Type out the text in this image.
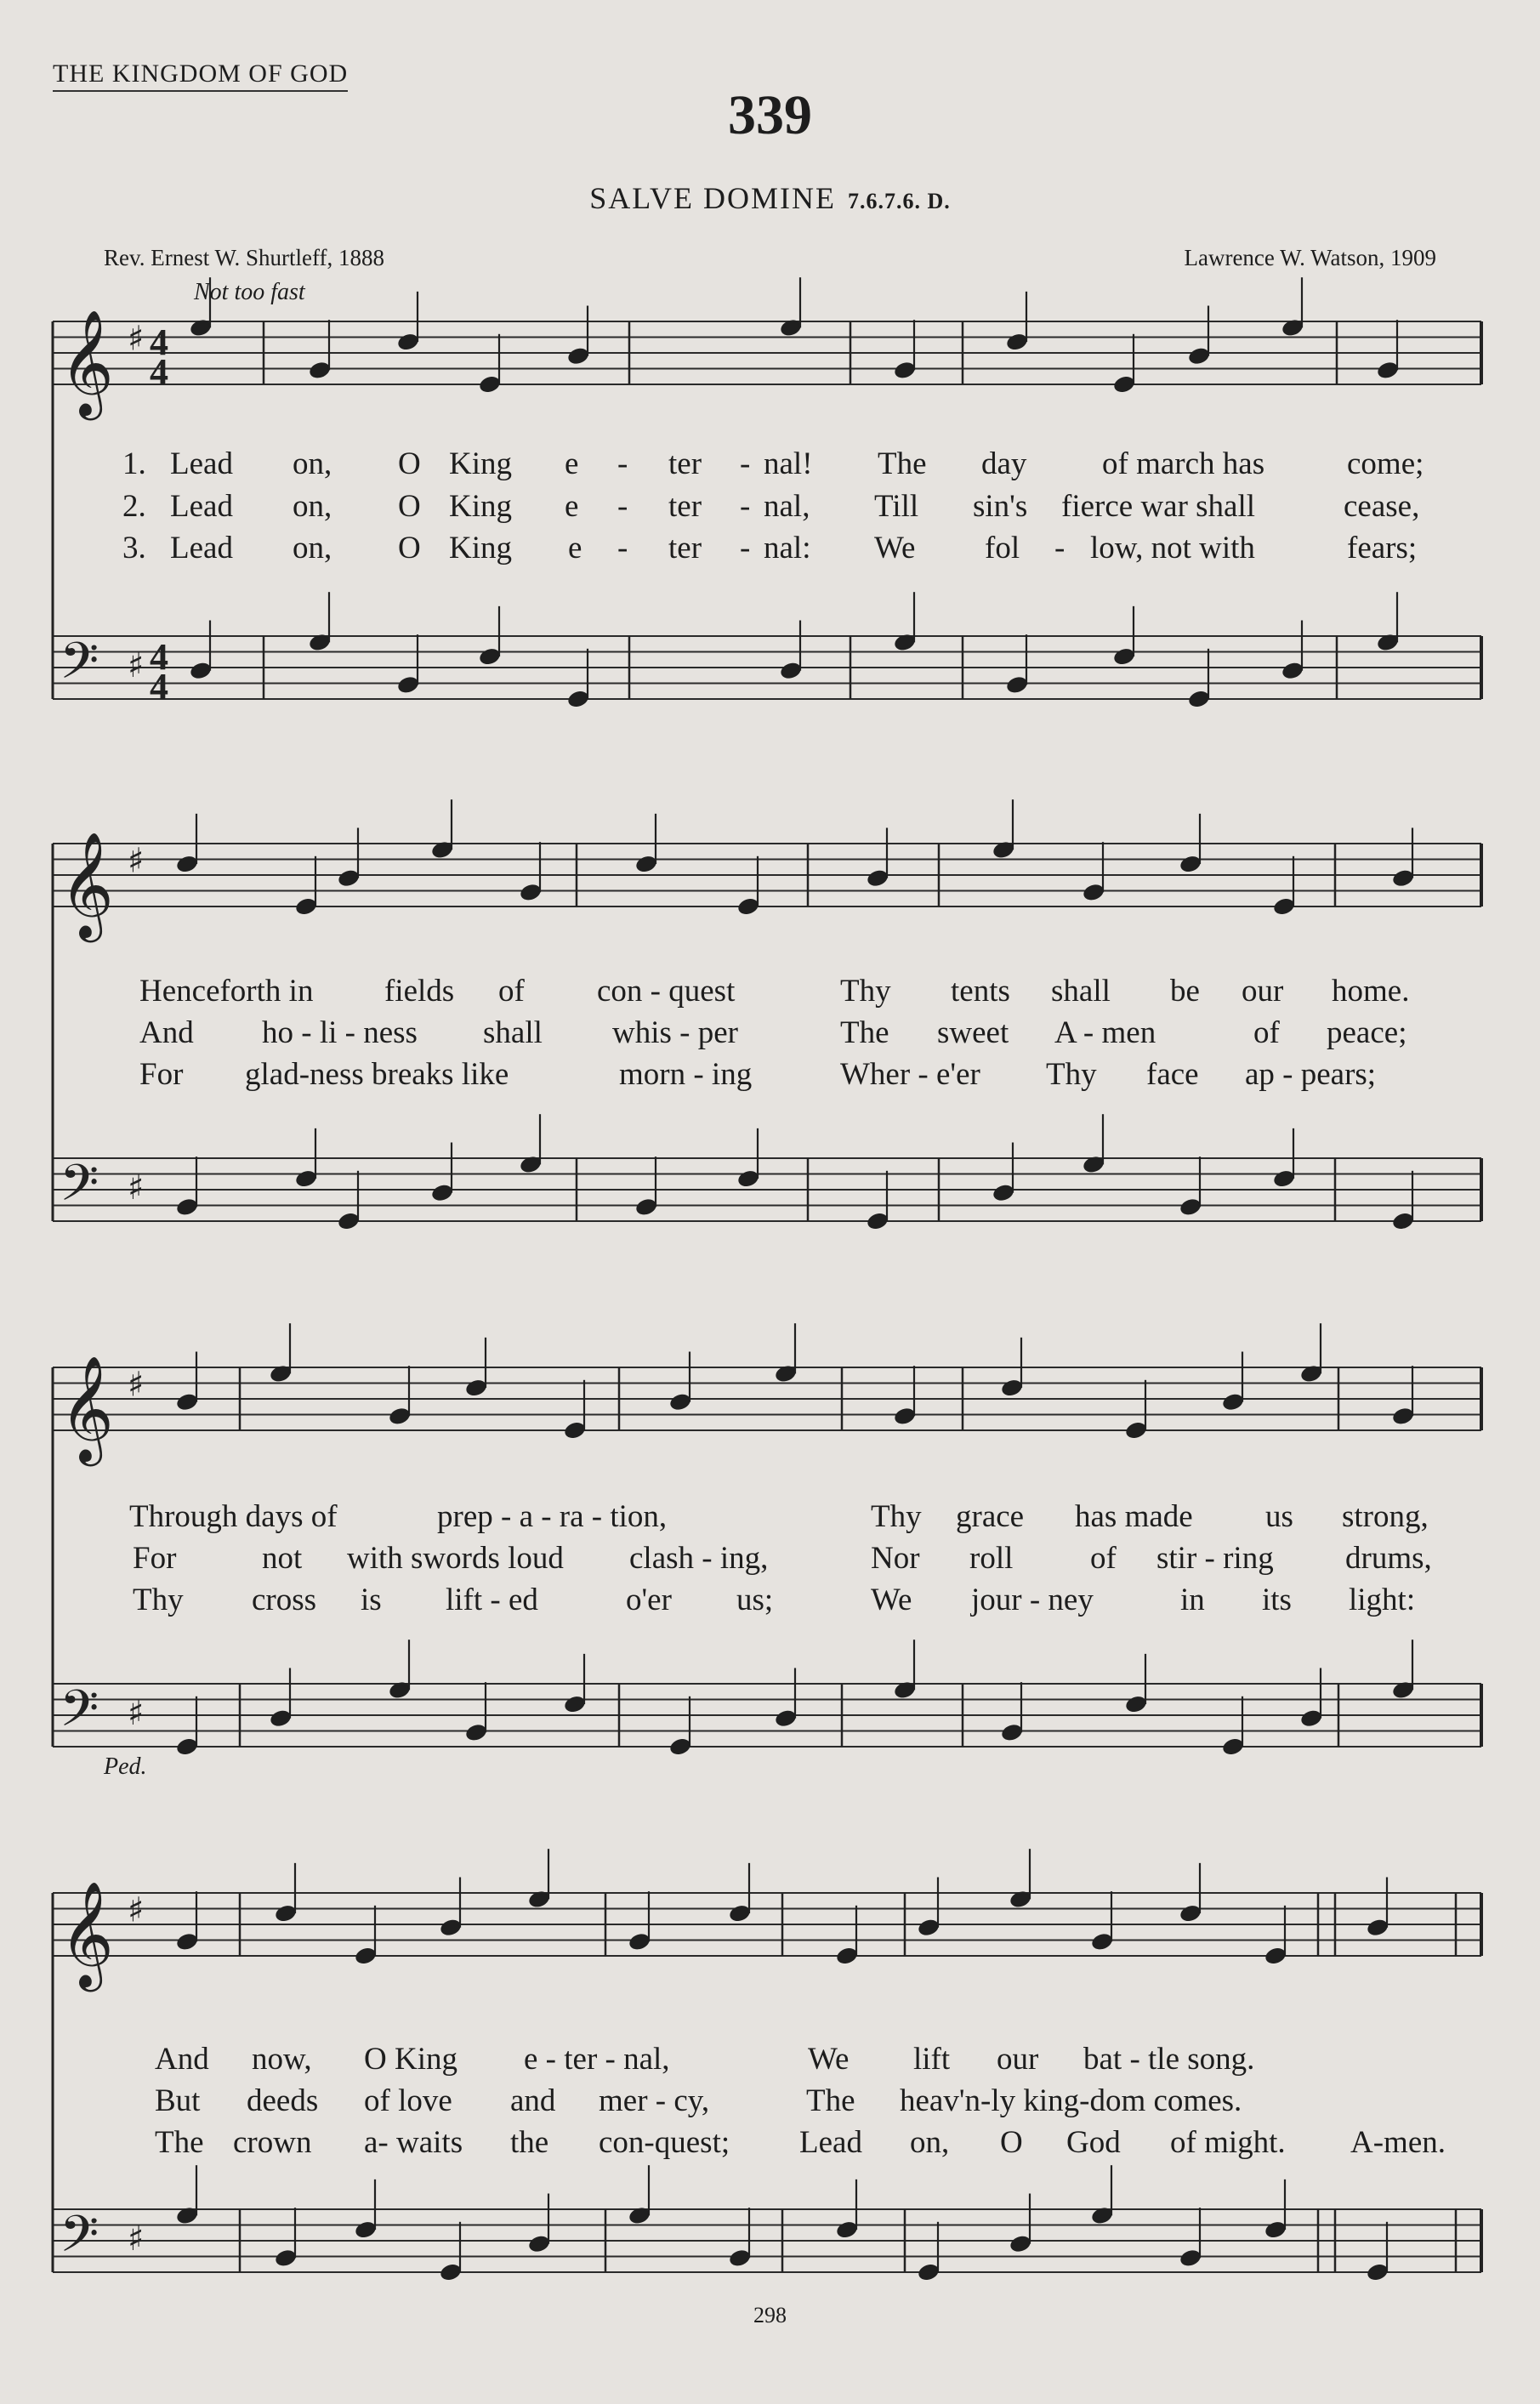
THE KINGDOM OF GOD
339
SALVE DOMINE 7.6.7.6. D.
Rev. Ernest W. Shurtleff, 1888	Lawrence W. Watson, 1909
Not too fast
Ped.
𝄞 ♯ 4
4
𝄢 ♯ 4
4
𝄞 ♯
𝄢 ♯
𝄞 ♯
𝄢 ♯
𝄞 ♯
𝄢 ♯
1. Lead on, O King e - ter - nal! The day of march has	come;
2. Lead on, O King e - ter - nal, Till sin's fierce war shall	cease,
3. Lead on, O King e - ter - nal: We fol - low, not with	fears;
Henceforth in fields of con - quest	Thy tents shall be our home.
And ho - li - ness shall whis - per	The sweet A - men	of peace;
For glad-ness breaks like	morn - ing	Wher - e'er Thy face ap - pears;
Through days of	prep - a - ra - tion,	Thy grace has made us strong,
For	not with swords loud clash - ing,	Nor roll of stir - ring drums,
Thy cross is lift - ed	o'er us;	We jour - ney	in its light:
And now, O King e - ter - nal,	We lift our bat - tle song.
But deeds of love and mer - cy,	The heav'n-ly king-dom comes.
The crown a- waits the con-quest; Lead on, O God of might. A-men.
298
